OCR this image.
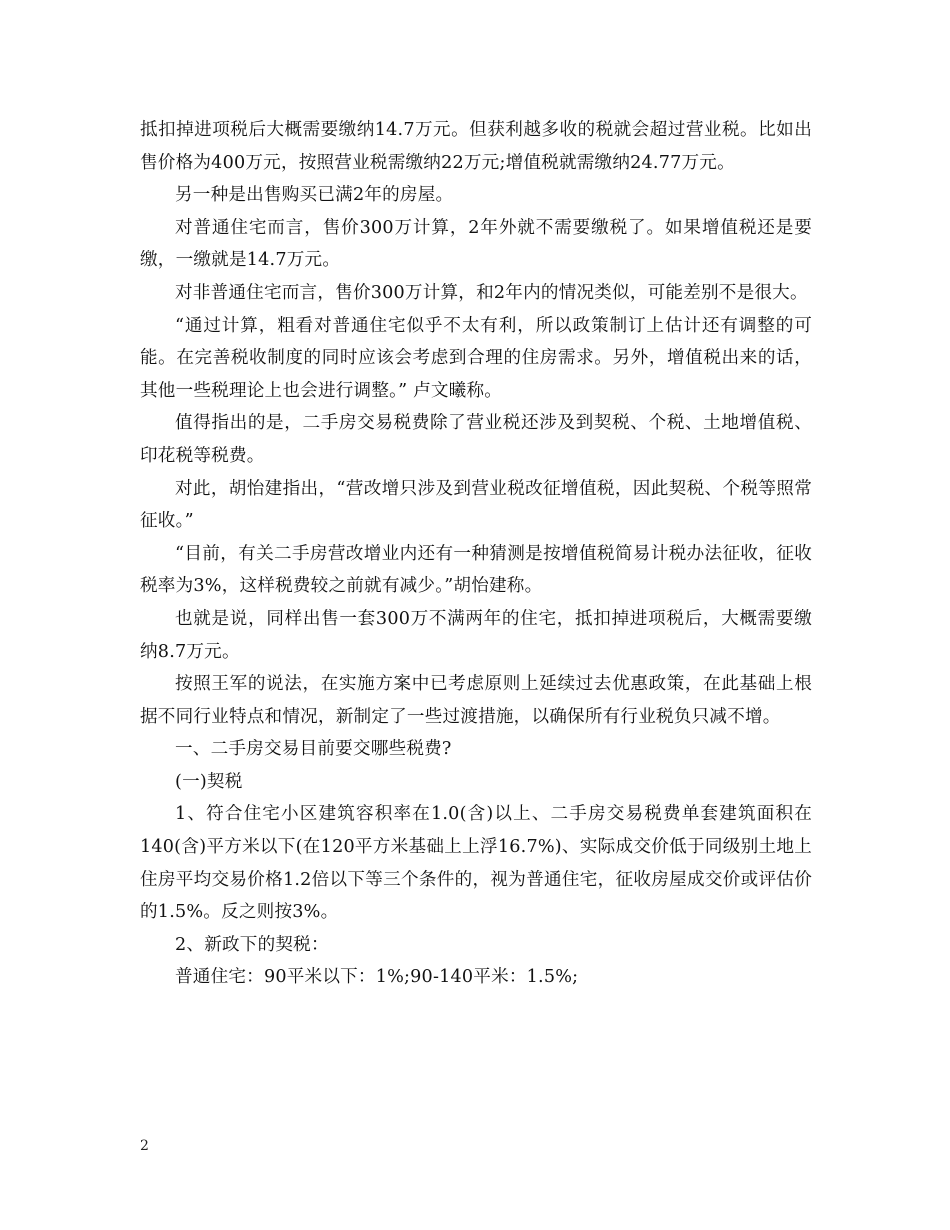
抵扣掉进项税后大概需要缴纳14.7万元。但获利越多收的税就会超过营业税。比如出售价格为400万元，按照营业税需缴纳22万元;增值税就需缴纳24.77万元。

另一种是出售购买已满2年的房屋。

对普通住宅而言，售价300万计算，2年外就不需要缴税了。如果增值税还是要缴，一缴就是14.7万元。

对非普通住宅而言，售价300万计算，和2年内的情况类似，可能差别不是很大。

“通过计算，粗看对普通住宅似乎不太有利，所以政策制订上估计还有调整的可能。在完善税收制度的同时应该会考虑到合理的住房需求。另外，增值税出来的话，其他一些税理论上也会进行调整。” 卢文曦称。

值得指出的是，二手房交易税费除了营业税还涉及到契税、个税、土地增值税、印花税等税费。

对此，胡怡建指出，“营改增只涉及到营业税改征增值税，因此契税、个税等照常征收。”

“目前，有关二手房营改增业内还有一种猜测是按增值税简易计税办法征收，征收税率为3%，这样税费较之前就有减少。”胡怡建称。

也就是说，同样出售一套300万不满两年的住宅，抵扣掉进项税后，大概需要缴纳8.7万元。

按照王军的说法，在实施方案中已考虑原则上延续过去优惠政策，在此基础上根据不同行业特点和情况，新制定了一些过渡措施，以确保所有行业税负只减不增。

一、二手房交易目前要交哪些税费?

(一)契税

1、符合住宅小区建筑容积率在1.0(含)以上、二手房交易税费单套建筑面积在140(含)平方米以下(在120平方米基础上上浮16.7%)、实际成交价低于同级别土地上住房平均交易价格1.2倍以下等三个条件的，视为普通住宅，征收房屋成交价或评估价的1.5%。反之则按3%。

2、新政下的契税：

普通住宅：90平米以下：1%;90-140平米：1.5%;

2
